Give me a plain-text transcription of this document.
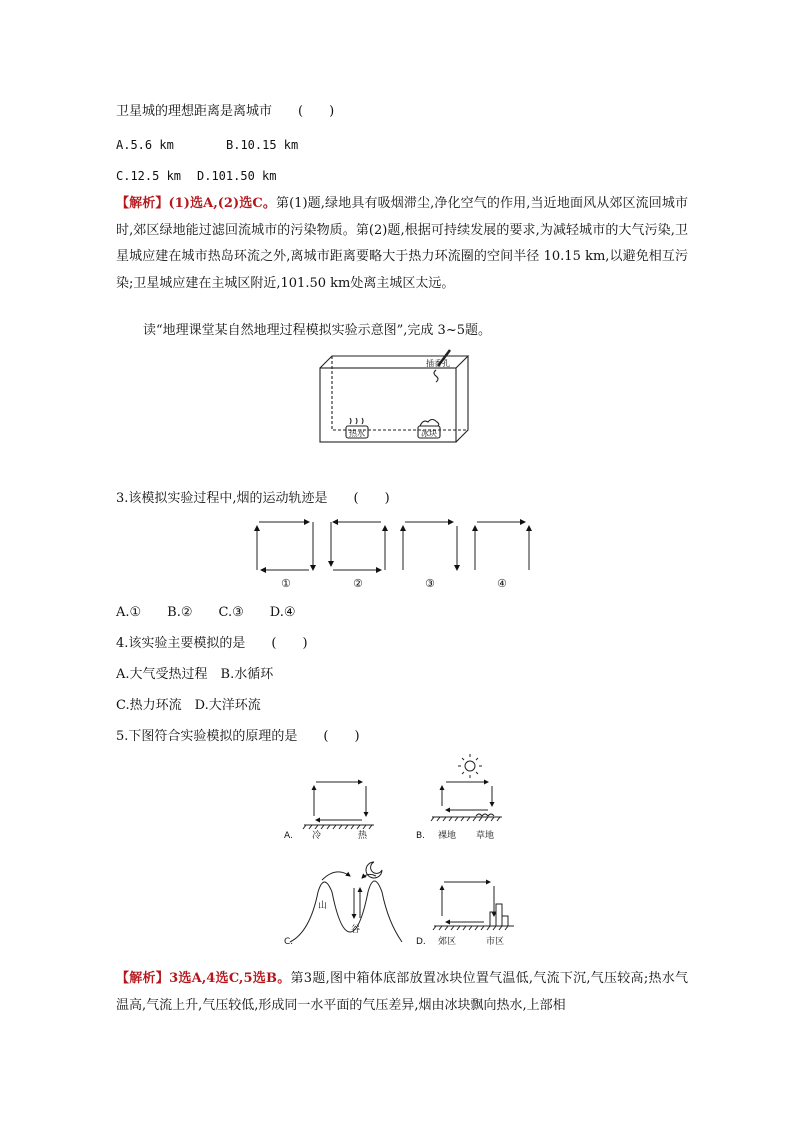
卫星城的理想距离是离城市　　(　　)
A.5.6 km	B.10.15 km
C.12.5 km D.101.50 km
【解析】(1)选A,(2)选C。第(1)题,绿地具有吸烟滞尘,净化空气的作用,当近地面风从郊区流回城市时,郊区绿地能过滤回流城市的污染物质。第(2)题,根据可持续发展的要求,为减轻城市的大气污染,卫星城应建在城市热岛环流之外,离城市距离要略大于热力环流圈的空间半径 10.15 km,以避免相互污染;卫星城应建在主城区附近,101.50 km处离主城区太远。
读“地理课堂某自然地理过程模拟实验示意图”,完成 3~5题。
插香孔
热水	冰块
3.该模拟实验过程中,烟的运动轨迹是　　(　　)
①	②	③	④
A.①　　B.②　　C.③　　D.④
4.该实验主要模拟的是　　(　　)
A.大气受热过程　B.水循环
C.热力环流　D.大洋环流
5.下图符合实验模拟的原理的是　　(　　)
A. 冷	热	B. 裸地 草地
山
谷
C.	D. 郊区	市区
【解析】3选A,4选C,5选B。第3题,图中箱体底部放置冰块位置气温低,气流下沉,气压较高;热水气温高,气流上升,气压较低,形成同一水平面的气压差异,烟由冰块飘向热水,上部相
